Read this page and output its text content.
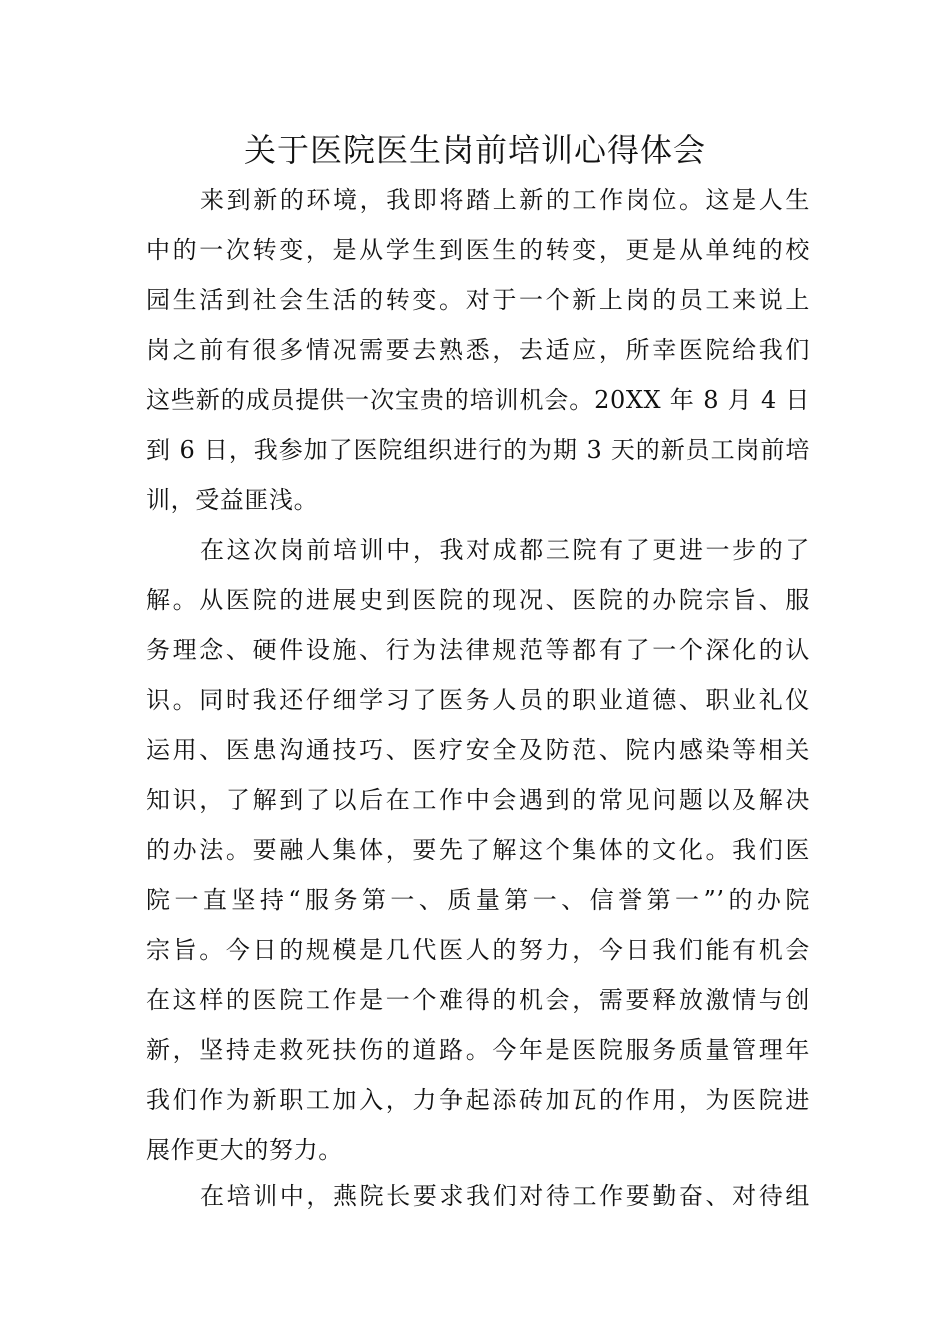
关于医院医生岗前培训心得体会
来到新的环境，我即将踏上新的工作岗位。这是人生
中的一次转变，是从学生到医生的转变，更是从单纯的校
园生活到社会生活的转变。对于一个新上岗的员工来说上
岗之前有很多情况需要去熟悉，去适应，所幸医院给我们
这些新的成员提供一次宝贵的培训机会。20XX 年 8 月 4 日
到 6 日，我参加了医院组织进行的为期 3 天的新员工岗前培
训，受益匪浅。
在这次岗前培训中，我对成都三院有了更进一步的了
解。从医院的进展史到医院的现况、医院的办院宗旨、服
务理念、硬件设施、行为法律规范等都有了一个深化的认
识。同时我还仔细学习了医务人员的职业道德、职业礼仪
运用、医患沟通技巧、医疗安全及防范、院内感染等相关
知识，了解到了以后在工作中会遇到的常见问题以及解决
的办法。要融人集体，要先了解这个集体的文化。我们医
院一直坚持“服务第一、质量第一、信誉第一”’的办院
宗旨。今日的规模是几代医人的努力，今日我们能有机会
在这样的医院工作是一个难得的机会，需要释放激情与创
新，坚持走救死扶伤的道路。今年是医院服务质量管理年
我们作为新职工加入，力争起添砖加瓦的作用，为医院进
展作更大的努力。
在培训中，燕院长要求我们对待工作要勤奋、对待组
